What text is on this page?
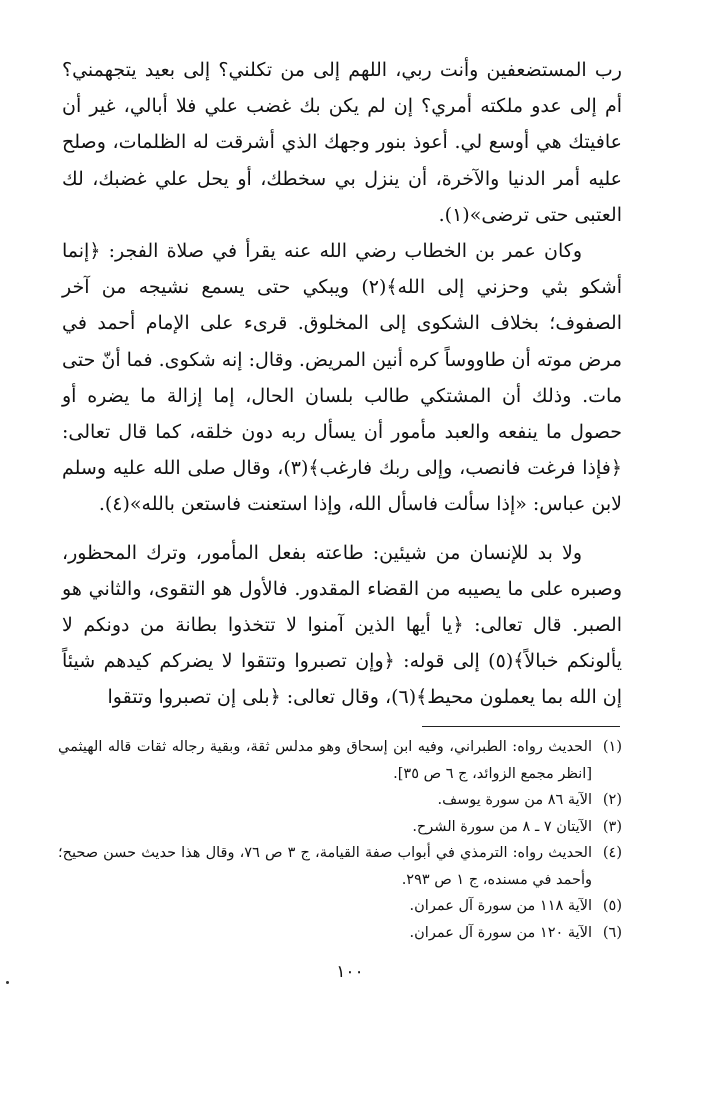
رب المستضعفين وأنت ربي، اللهم إلى من تكلني؟ إلى بعيد يتجهمني؟ أم إلى عدو ملكته أمري؟ إن لم يكن بك غضب علي فلا أبالي، غير أن عافيتك هي أوسع لي. أعوذ بنور وجهك الذي أشرقت له الظلمات، وصلح عليه أمر الدنيا والآخرة، أن ينزل بي سخطك، أو يحل علي غضبك، لك العتبى حتى ترضى»(١).

وكان عمر بن الخطاب رضي الله عنه يقرأ في صلاة الفجر: ﴿إنما أشكو بثي وحزني إلى الله﴾(٢) ويبكي حتى يسمع نشيجه من آخر الصفوف؛ بخلاف الشكوى إلى المخلوق. قرىء على الإمام أحمد في مرض موته أن طاووساً كره أنين المريض. وقال: إنه شكوى. فما أنّ حتى مات. وذلك أن المشتكي طالب بلسان الحال، إما إزالة ما يضره أو حصول ما ينفعه والعبد مأمور أن يسأل ربه دون خلقه، كما قال تعالى: ﴿فإذا فرغت فانصب، وإلى ربك فارغب﴾(٣)، وقال صلى الله عليه وسلم لابن عباس: «إذا سألت فاسأل الله، وإذا استعنت فاستعن بالله»(٤).

ولا بد للإنسان من شيئين: طاعته بفعل المأمور، وترك المحظور، وصبره على ما يصيبه من القضاء المقدور. فالأول هو التقوى، والثاني هو الصبر. قال تعالى: ﴿يا أيها الذين آمنوا لا تتخذوا بطانة من دونكم لا يألونكم خبالاً﴾(٥) إلى قوله: ﴿وإن تصبروا وتتقوا لا يضركم كيدهم شيئاً إن الله بما يعملون محيط﴾(٦)، وقال تعالى: ﴿بلى إن تصبروا وتتقوا

(١)
الحديث رواه: الطبراني، وفيه ابن إسحاق وهو مدلس ثقة، وبقية رجاله ثقات قاله الهيثمي [انظر مجمع الزوائد، ج ٦ ص ٣٥].
(٢)
الآية ٨٦ من سورة يوسف.
(٣)
الآيتان ٧ ـ ٨ من سورة الشرح.
(٤)
الحديث رواه: الترمذي في أبواب صفة القيامة، ج ٣ ص ٧٦، وقال هذا حديث حسن صحيح؛ وأحمد في مسنده، ج ١ ص ٢٩٣.
(٥)
الآية ١١٨ من سورة آل عمران.
(٦)
الآية ١٢٠ من سورة آل عمران.
١٠٠
